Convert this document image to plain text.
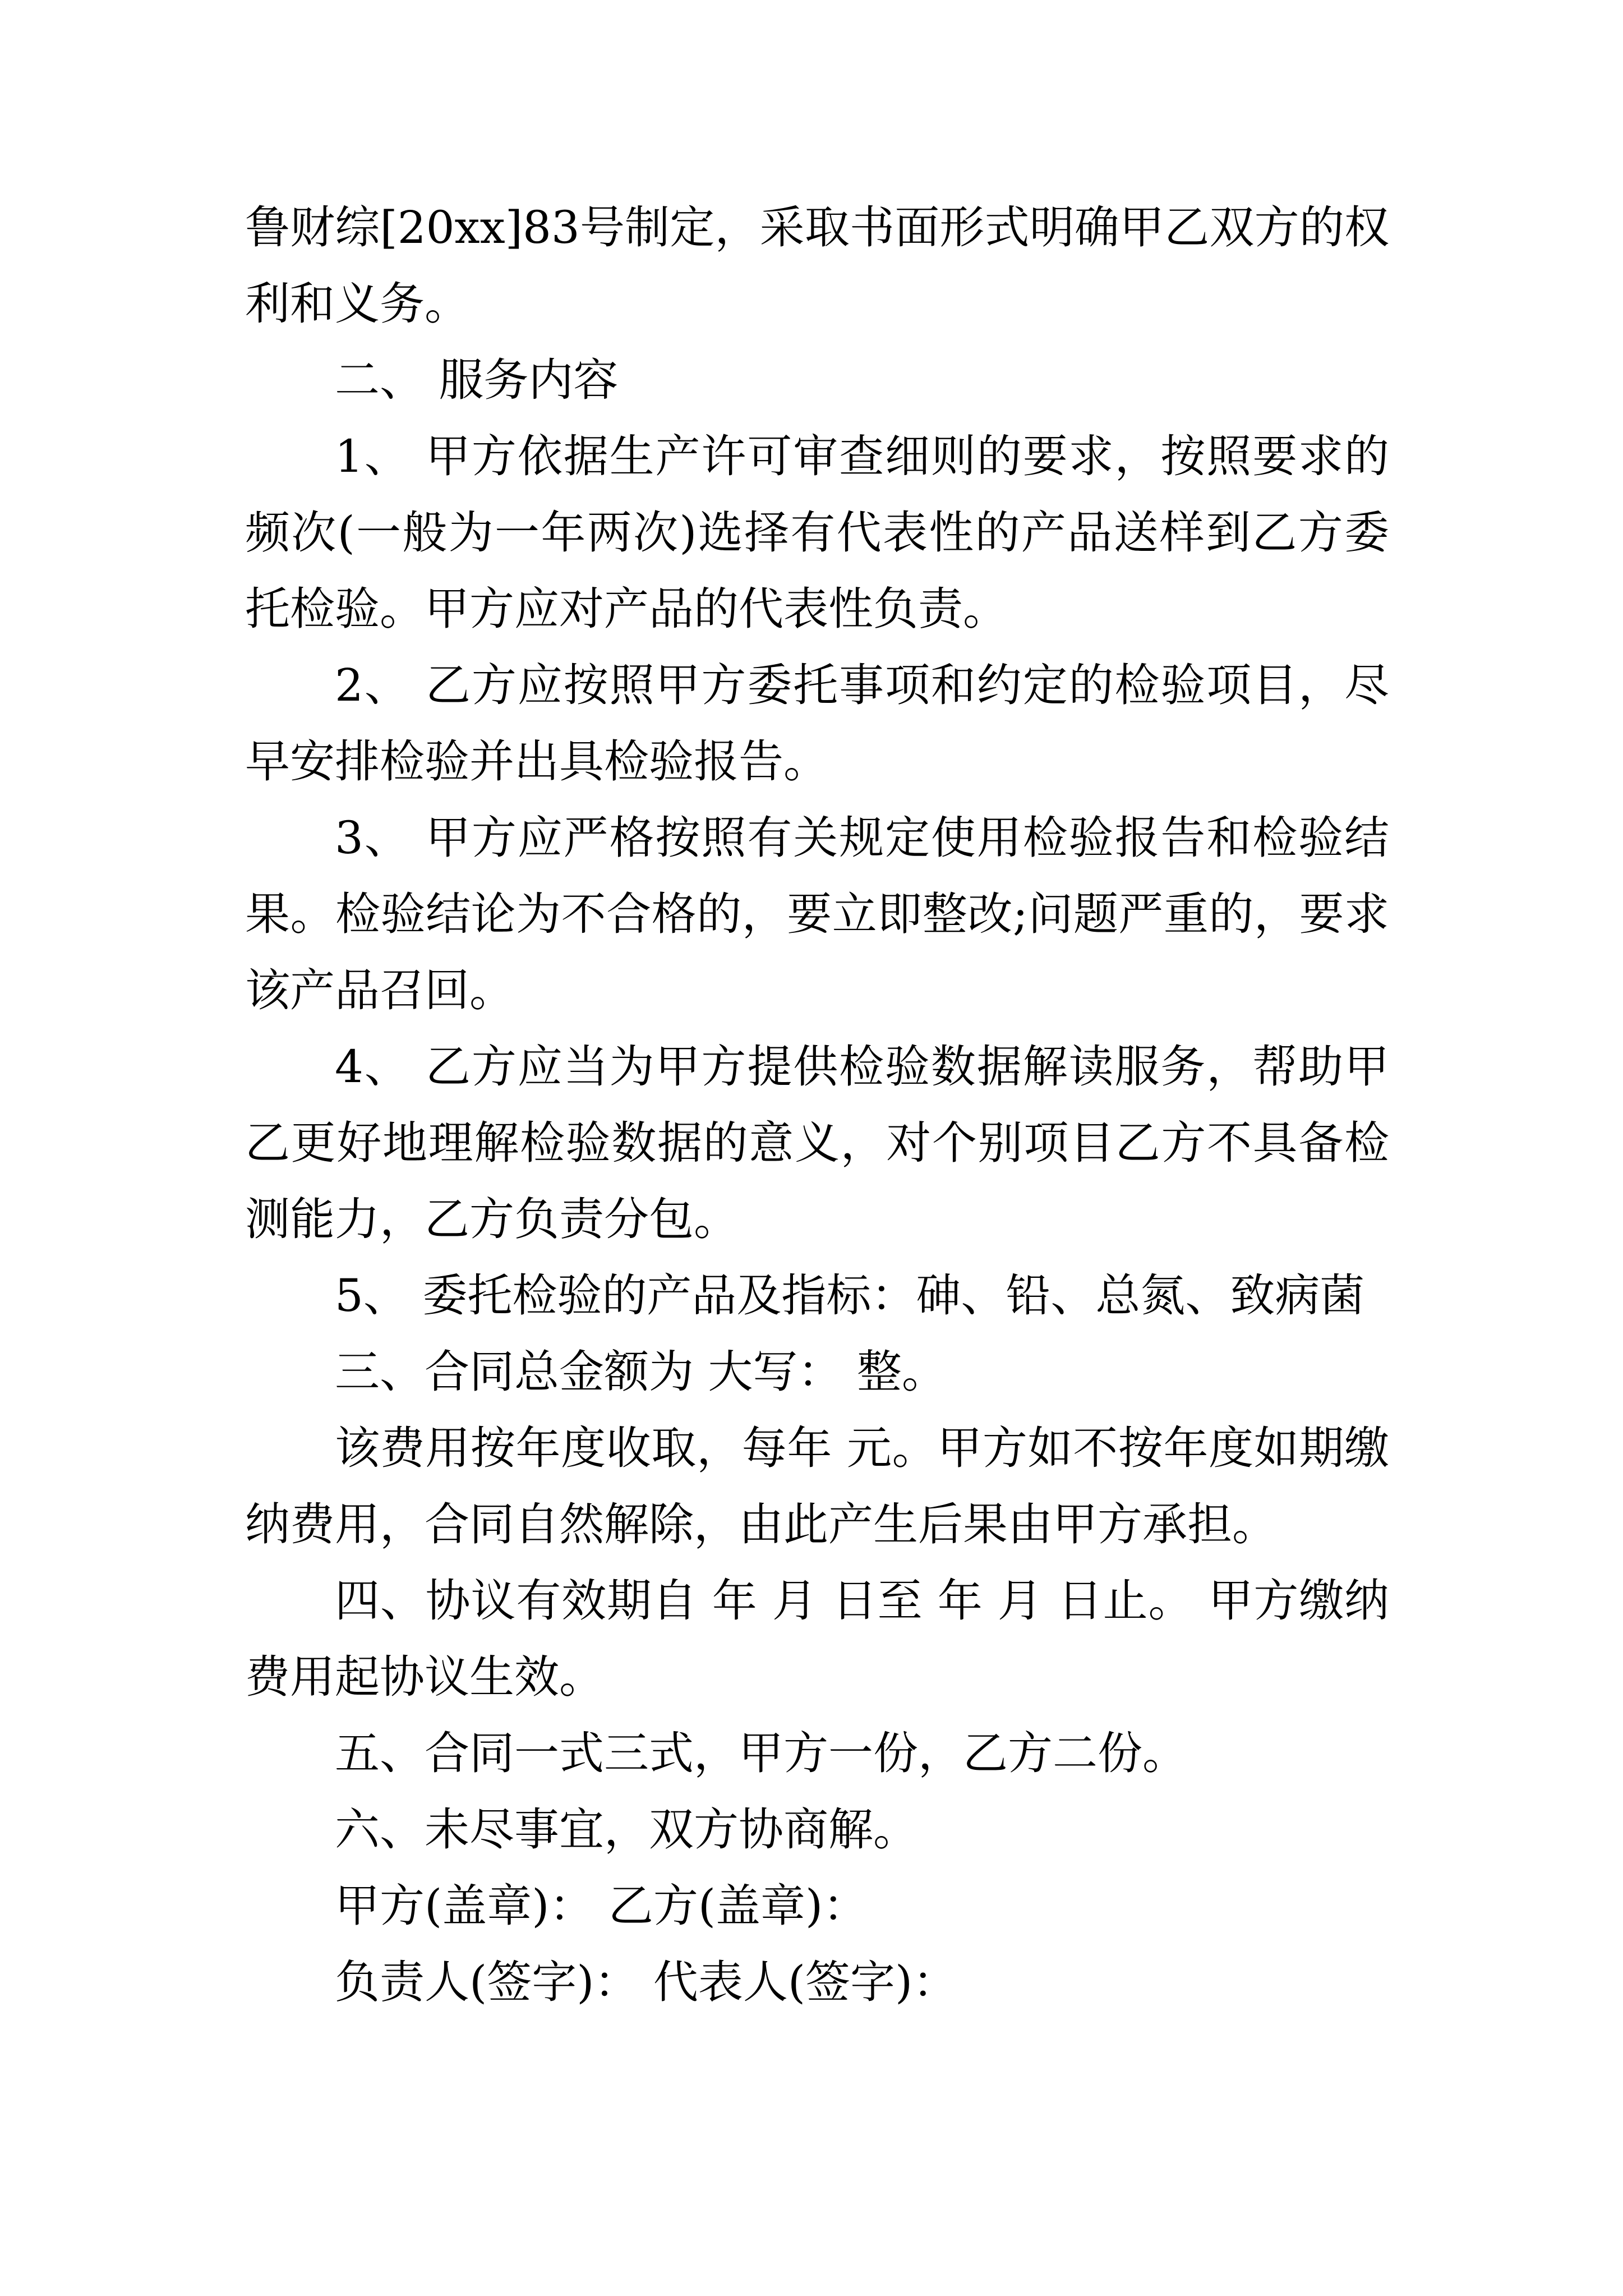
鲁财综[20xx]83号制定，采取书面形式明确甲乙双方的权利和义务。

二、 服务内容

1、 甲方依据生产许可审查细则的要求，按照要求的频次(一般为一年两次)选择有代表性的产品送样到乙方委托检验。甲方应对产品的代表性负责。

2、 乙方应按照甲方委托事项和约定的检验项目，尽早安排检验并出具检验报告。

3、 甲方应严格按照有关规定使用检验报告和检验结果。检验结论为不合格的，要立即整改;问题严重的，要求该产品召回。

4、 乙方应当为甲方提供检验数据解读服务，帮助甲乙更好地理解检验数据的意义，对个别项目乙方不具备检测能力，乙方负责分包。

5、 委托检验的产品及指标：砷、铅、总氮、致病菌

三、合同总金额为 大写： 整。

该费用按年度收取，每年 元。甲方如不按年度如期缴纳费用，合同自然解除，由此产生后果由甲方承担。

四、协议有效期自 年 月 日至 年 月 日止。 甲方缴纳费用起协议生效。

五、合同一式三式，甲方一份，乙方二份。

六、未尽事宜，双方协商解。

甲方(盖章)： 乙方(盖章)：

负责人(签字)： 代表人(签字)：
